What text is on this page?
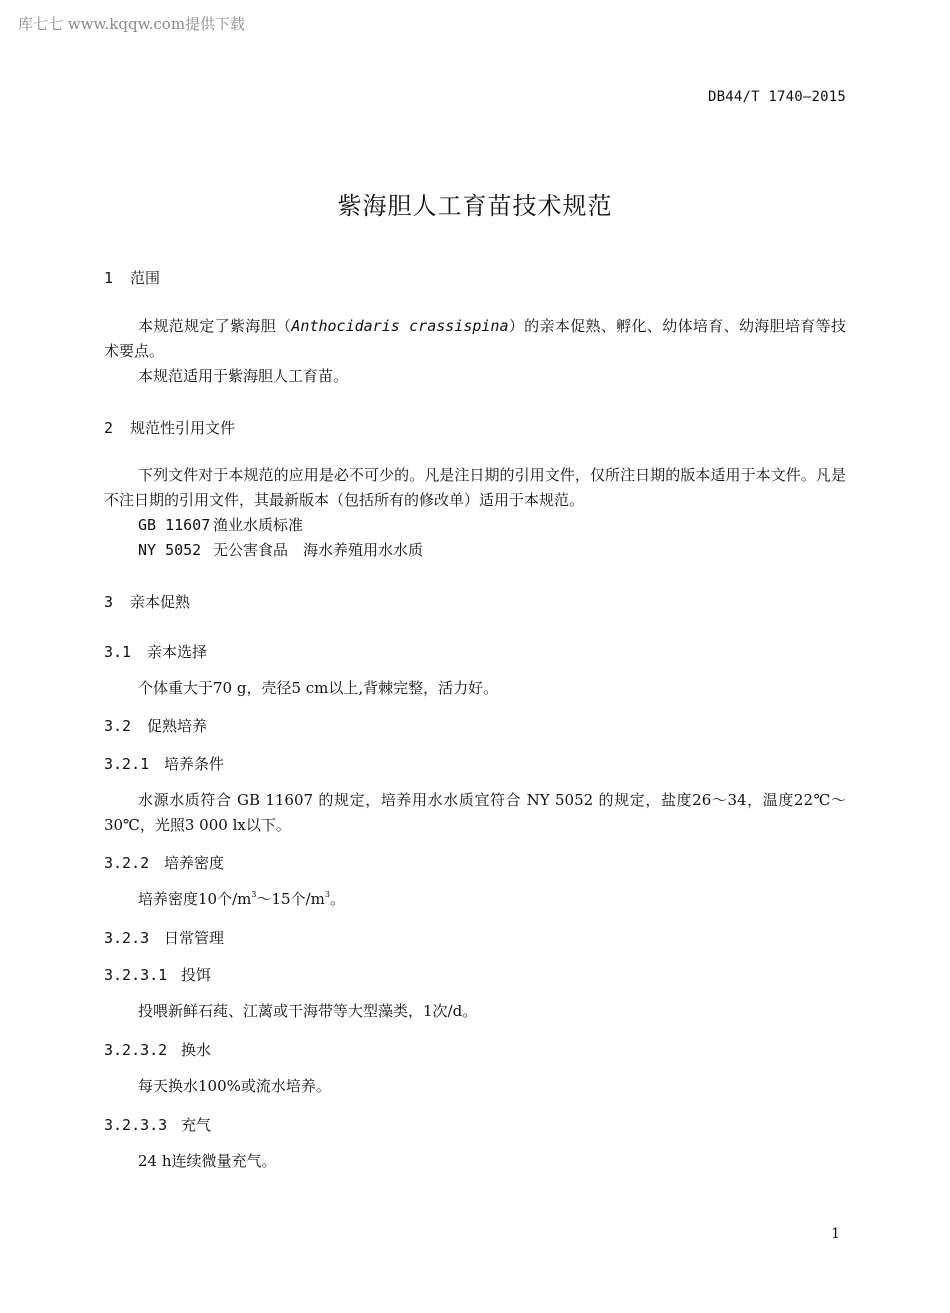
库七七 www.kqqw.com提供下载
DB44/T 1740—2015
紫海胆人工育苗技术规范
1 范围
本规范规定了紫海胆（Anthocidaris crassispina）的亲本促熟、孵化、幼体培育、幼海胆培育等技术要点。
本规范适用于紫海胆人工育苗。
2 规范性引用文件
下列文件对于本规范的应用是必不可少的。凡是注日期的引用文件，仅所注日期的版本适用于本文件。凡是不注日期的引用文件，其最新版本（包括所有的修改单）适用于本规范。
GB 11607 渔业水质标准
NY 5052 无公害食品　海水养殖用水水质
3 亲本促熟
3.1 亲本选择
个体重大于70 g，壳径5 cm以上,背棘完整，活力好。
3.2 促熟培养
3.2.1 培养条件
水源水质符合 GB 11607 的规定，培养用水水质宜符合 NY 5052 的规定，盐度26～34，温度22℃～30℃，光照3 000 lx以下。
3.2.2 培养密度
培养密度10个$/m^3\sim 15$个$/m^3$。
3.2.3 日常管理
3.2.3.1 投饵
投喂新鲜石莼、江蓠或干海带等大型藻类，1次/d。
3.2.3.2 换水
每天换水100%或流水培养。
3.2.3.3 充气
24 h连续微量充气。
1
